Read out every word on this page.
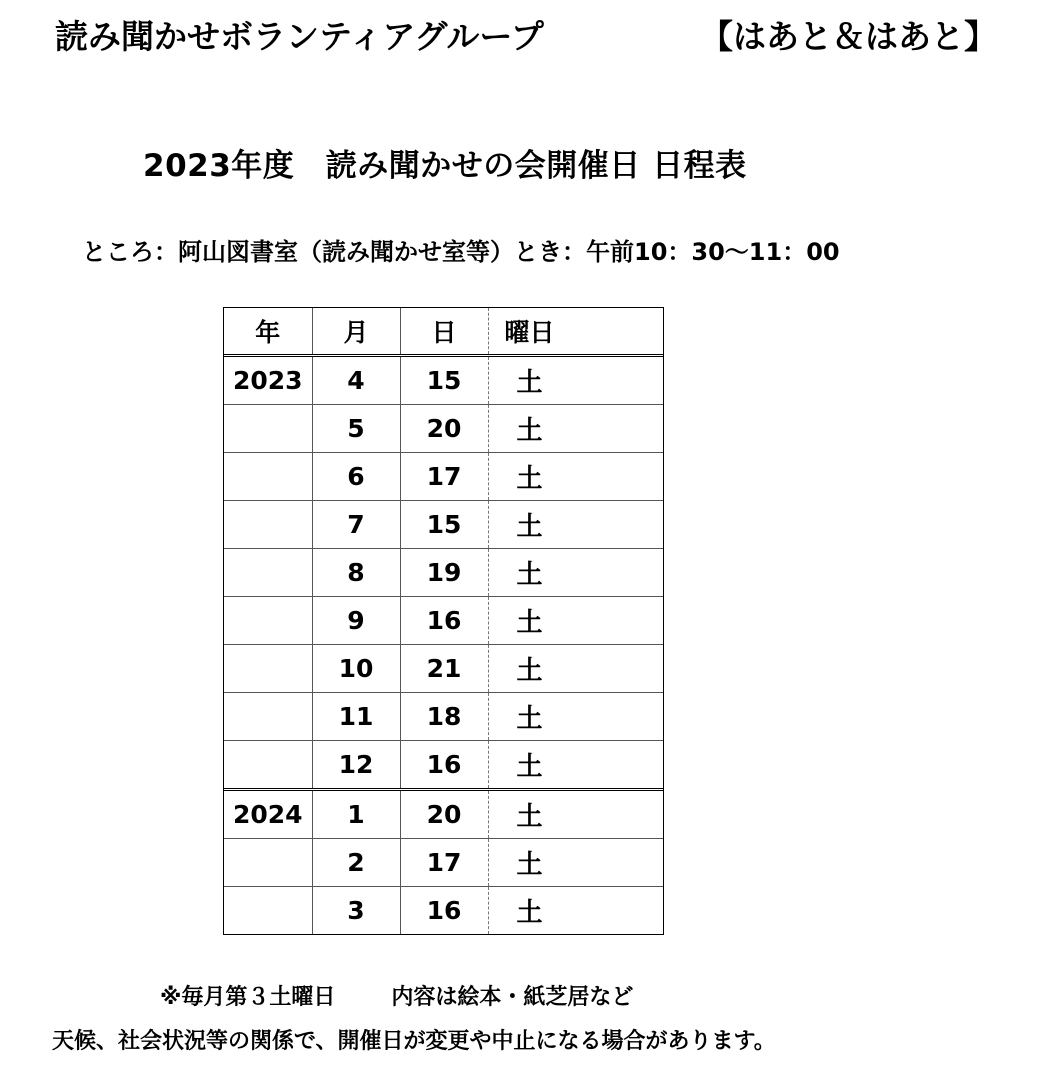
読み聞かせボランティアグループ	【はあと＆はあと】
2023年度　読み聞かせの会開催日 日程表
ところ：阿山図書室（読み聞かせ室等）とき：午前10：30～11：00
年	月	日	曜日
2023	4	15	土
	5	20	土
	6	17	土
	7	15	土
	8	19	土
	9	16	土
	10	21	土
	11	18	土
	12	16	土
2024	1	20	土
	2	17	土
	3	16	土
※毎月第３土曜日	内容は絵本・紙芝居など
天候、社会状況等の関係で、開催日が変更や中止になる場合があります。
